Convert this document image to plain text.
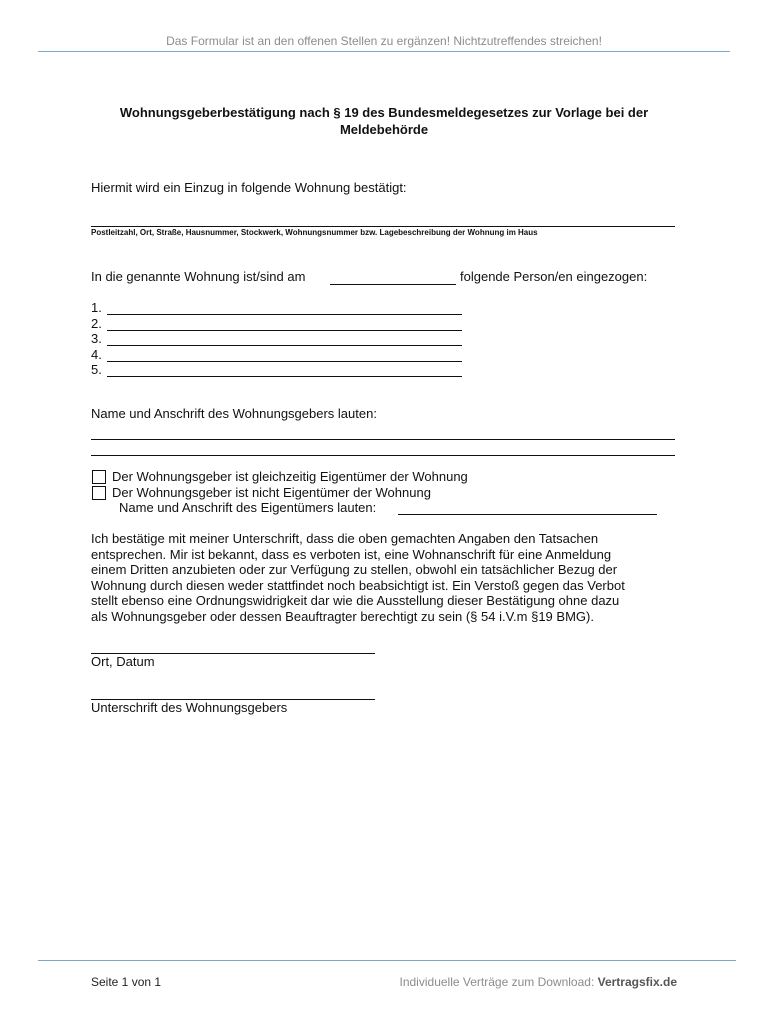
Das Formular ist an den offenen Stellen zu ergänzen! Nichtzutreffendes streichen!
Wohnungsgeberbestätigung nach § 19 des Bundesmeldegesetzes zur Vorlage bei der Meldebehörde
Hiermit wird ein Einzug in folgende Wohnung bestätigt:
Postleitzahl, Ort, Straße, Hausnummer, Stockwerk, Wohnungsnummer bzw. Lagebeschreibung der Wohnung im Haus
In die genannte Wohnung ist/sind am	folgende Person/en eingezogen:
1.
2.
3.
4.
5.
Name und Anschrift des Wohnungsgebers lauten:
Der Wohnungsgeber ist gleichzeitig Eigentümer der Wohnung
Der Wohnungsgeber ist nicht Eigentümer der Wohnung
Name und Anschrift des Eigentümers lauten:
Ich bestätige mit meiner Unterschrift, dass die oben gemachten Angaben den Tatsachen
entsprechen. Mir ist bekannt, dass es verboten ist, eine Wohnanschrift für eine Anmeldung
einem Dritten anzubieten oder zur Verfügung zu stellen, obwohl ein tatsächlicher Bezug der
Wohnung durch diesen weder stattfindet noch beabsichtigt ist. Ein Verstoß gegen das Verbot
stellt ebenso eine Ordnungswidrigkeit dar wie die Ausstellung dieser Bestätigung ohne dazu
als Wohnungsgeber oder dessen Beauftragter berechtigt zu sein (§ 54 i.V.m §19 BMG).
Ort, Datum
Unterschrift des Wohnungsgebers
Seite 1 von 1	Individuelle Verträge zum Download: Vertragsfix.de
